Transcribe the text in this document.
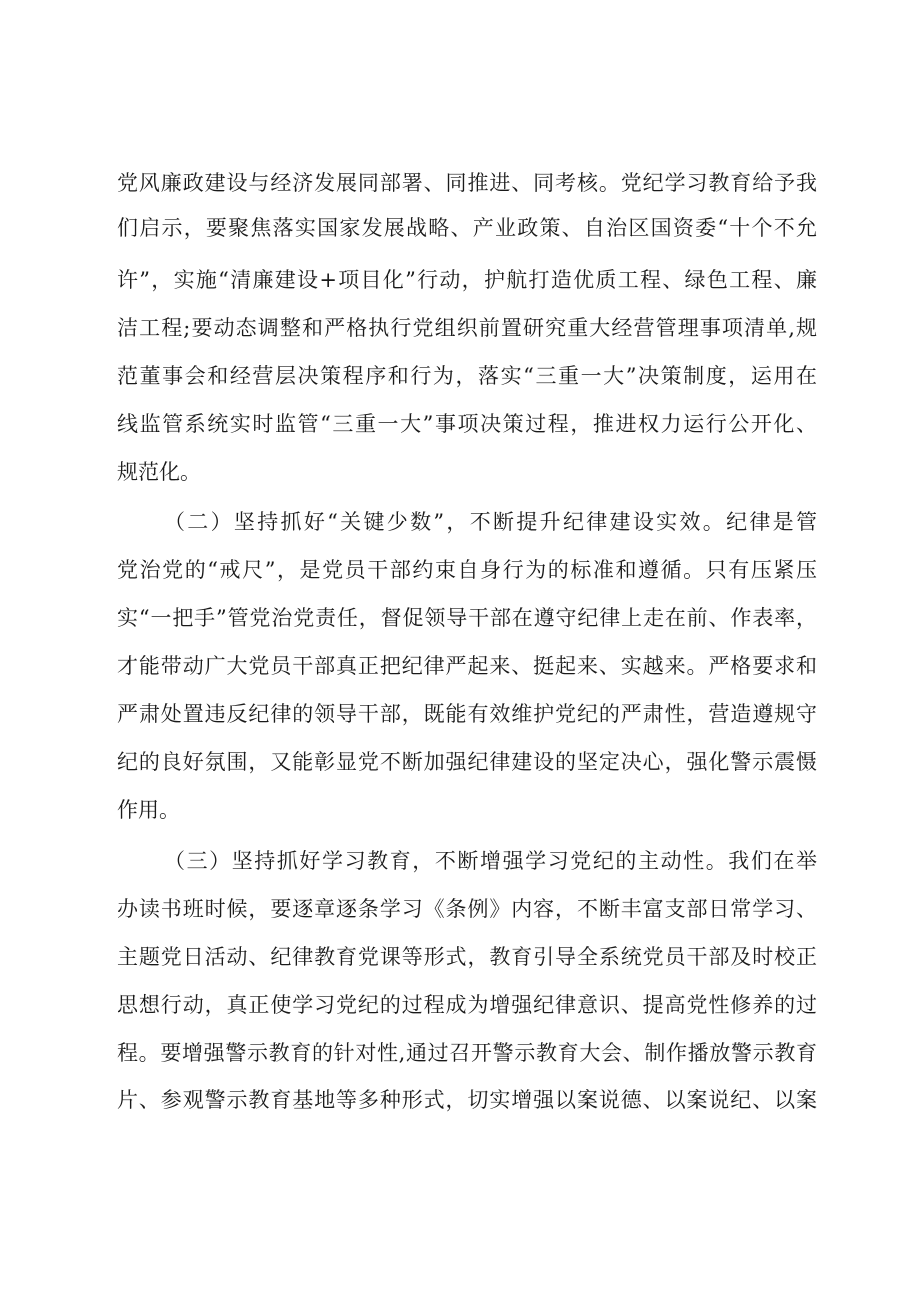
党风廉政建设与经济发展同部署、同推进、同考核。党纪学习教育给予我
们启示，要聚焦落实国家发展战略、产业政策、自治区国资委“十个不允
许”，实施“清廉建设+项目化”行动，护航打造优质工程、绿色工程、廉
洁工程;要动态调整和严格执行党组织前置研究重大经营管理事项清单,规
范董事会和经营层决策程序和行为，落实“三重一大”决策制度，运用在
线监管系统实时监管“三重一大”事项决策过程，推进权力运行公开化、
规范化。
（二）坚持抓好“关键少数”，不断提升纪律建设实效。纪律是管
党治党的“戒尺”，是党员干部约束自身行为的标准和遵循。只有压紧压
实“一把手”管党治党责任，督促领导干部在遵守纪律上走在前、作表率，
才能带动广大党员干部真正把纪律严起来、挺起来、实越来。严格要求和
严肃处置违反纪律的领导干部，既能有效维护党纪的严肃性，营造遵规守
纪的良好氛围，又能彰显党不断加强纪律建设的坚定决心，强化警示震慑
作用。
（三）坚持抓好学习教育，不断增强学习党纪的主动性。我们在举
办读书班时候，要逐章逐条学习《条例》内容，不断丰富支部日常学习、
主题党日活动、纪律教育党课等形式，教育引导全系统党员干部及时校正
思想行动，真正使学习党纪的过程成为增强纪律意识、提高党性修养的过
程。要增强警示教育的针对性,通过召开警示教育大会、制作播放警示教育
片、参观警示教育基地等多种形式，切实增强以案说德、以案说纪、以案
